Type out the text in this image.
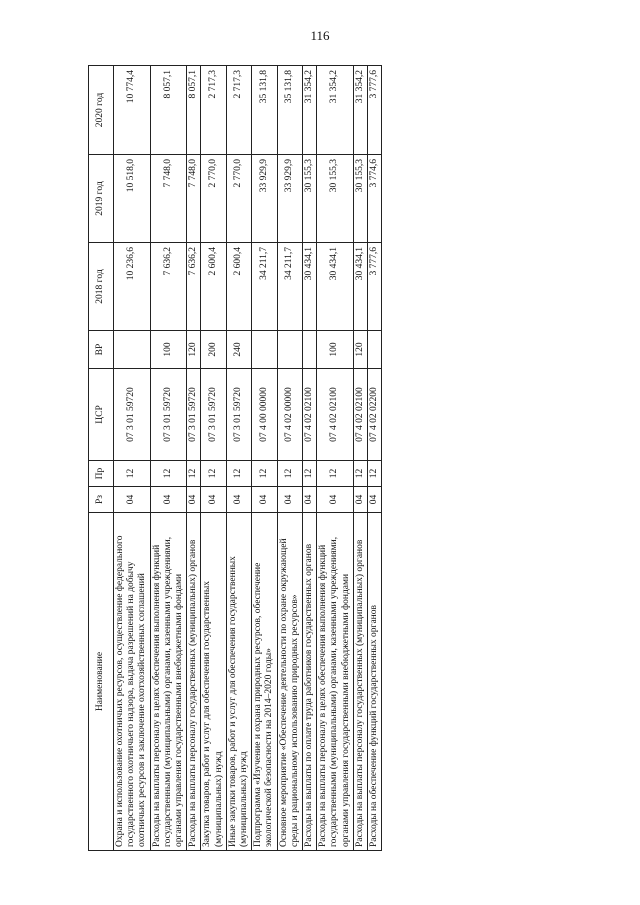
116
Наименование	Рз	Пр	ЦСР	ВР	2018 год	2019 год	2020 год
Охрана и использование охотничьих ресурсов, осуществление федерального государственного охотничьего надзора, выдача разрешений на добычу охотничьих ресурсов и заключение охотхозяйственных соглашений	04	12	07 3 01 59720		10 236,6	10 518,0	10 774,4
Расходы на выплаты персоналу в целях обеспечения выполнения функций государственными (муниципальными) органами, казенными учреждениями, органами управления государственными внебюджетными фондами	04	12	07 3 01 59720	100	7 636,2	7 748,0	8 057,1
Расходы на выплаты персоналу государственных (муниципальных) органов	04	12	07 3 01 59720	120	7 636,2	7 748,0	8 057,1
Закупка товаров, работ и услуг для обеспечения государственных (муниципальных) нужд	04	12	07 3 01 59720	200	2 600,4	2 770,0	2 717,3
Иные закупки товаров, работ и услуг для обеспечения государственных (муниципальных) нужд	04	12	07 3 01 59720	240	2 600,4	2 770,0	2 717,3
Подпрограмма «Изучение и охрана природных ресурсов, обеспечение экологической безопасности на 2014–2020 годы»	04	12	07 4 00 00000		34 211,7	33 929,9	35 131,8
Основное мероприятие «Обеспечение деятельности по охране окружающей среды и рациональному использованию природных ресурсов»	04	12	07 4 02 00000		34 211,7	33 929,9	35 131,8
Расходы на выплаты по оплате труда работников государственных органов	04	12	07 4 02 02100		30 434,1	30 155,3	31 354,2
Расходы на выплаты персоналу в целях обеспечения выполнения функций государственными (муниципальными) органами, казенными учреждениями, органами управления государственными внебюджетными фондами	04	12	07 4 02 02100	100	30 434,1	30 155,3	31 354,2
Расходы на выплаты персоналу государственных (муниципальных) органов	04	12	07 4 02 02100	120	30 434,1	30 155,3	31 354,2
Расходы на обеспечение функций государственных органов	04	12	07 4 02 02200		3 777,6	3 774,6	3 777,6
